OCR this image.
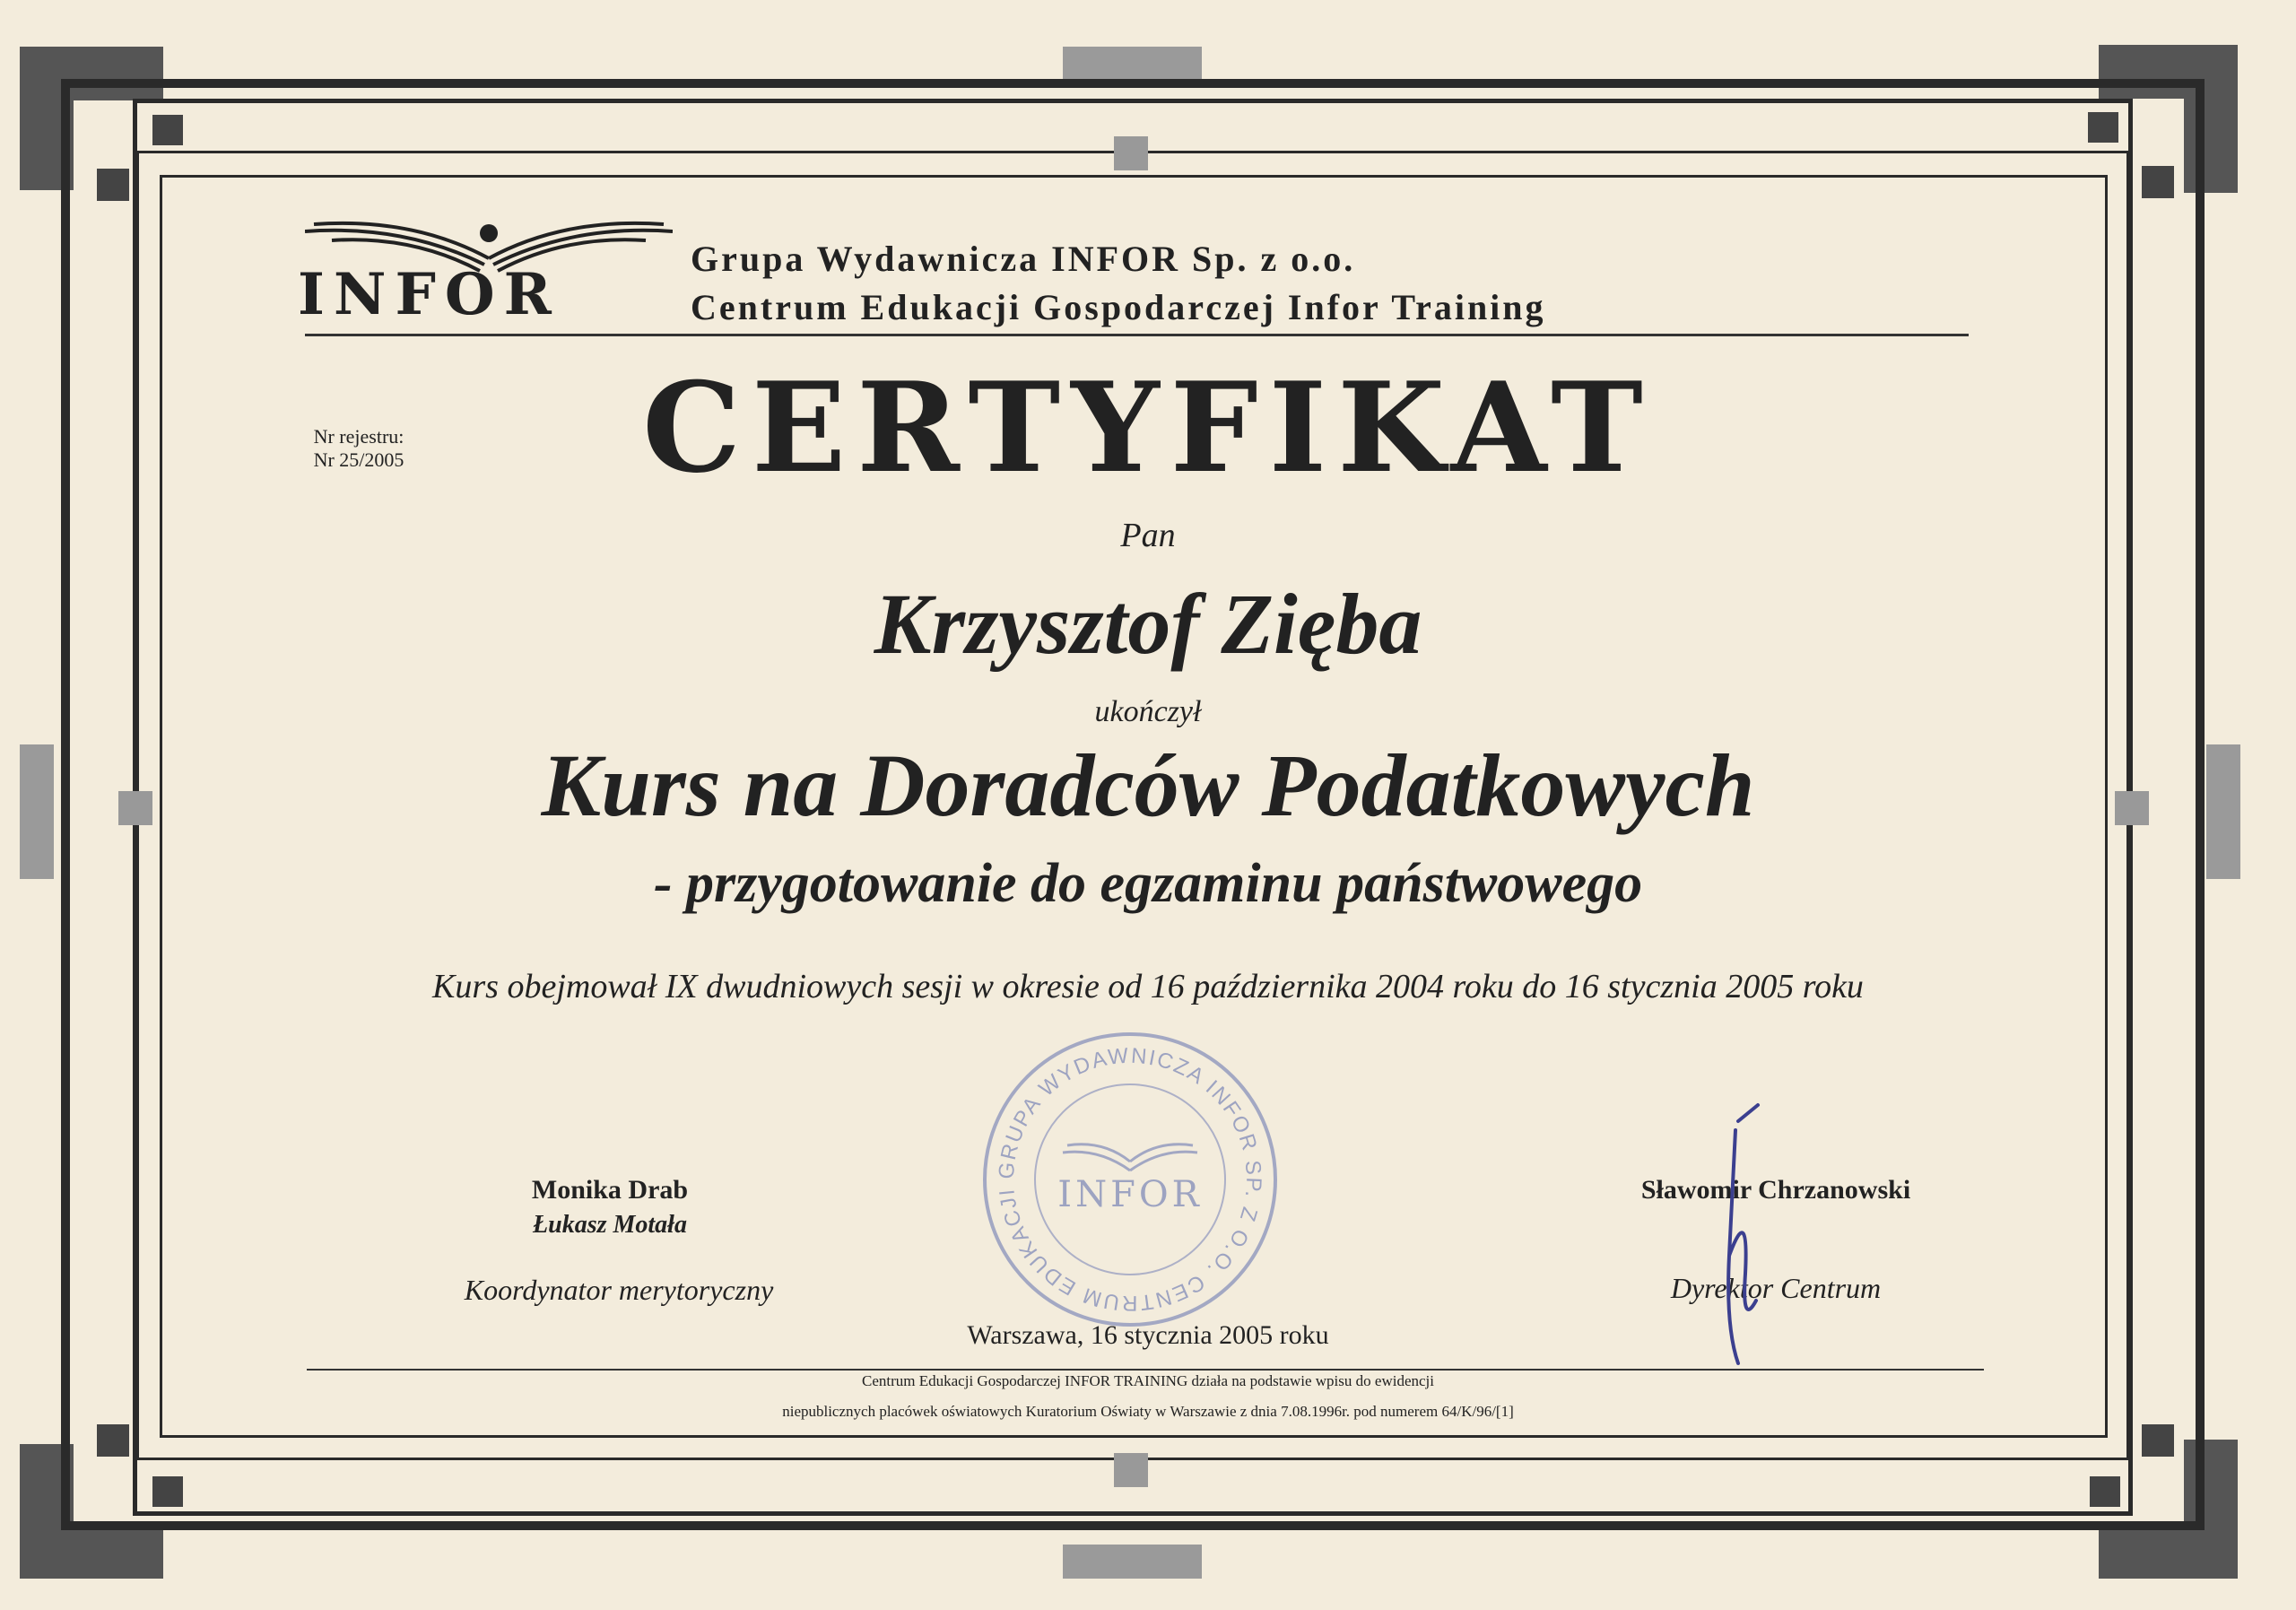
INFOR
Grupa Wydawnicza INFOR Sp. z o.o.
Centrum Edukacji Gospodarczej Infor Training
Nr rejestru:
Nr 25/2005	CERTYFIKAT
Pan
Krzysztof Zięba
ukończył
Kurs na Doradców Podatkowych
- przygotowanie do egzaminu państwowego
Kurs obejmował IX dwudniowych sesji w okresie od 16 października 2004 roku do 16 stycznia 2005 roku
GRUPA WYDAWNICZA INFOR SP. Z O.O. CENTRUM EDUKACJI	INFOR
Monika Drab
Łukasz Motała
Koordynator merytoryczny
Sławomir Chrzanowski
Dyrektor Centrum
Warszawa, 16 stycznia 2005 roku
Centrum Edukacji Gospodarczej INFOR TRAINING działa na podstawie wpisu do ewidencji
niepublicznych placówek oświatowych Kuratorium Oświaty w Warszawie z dnia 7.08.1996r. pod numerem 64/K/96/[1]
